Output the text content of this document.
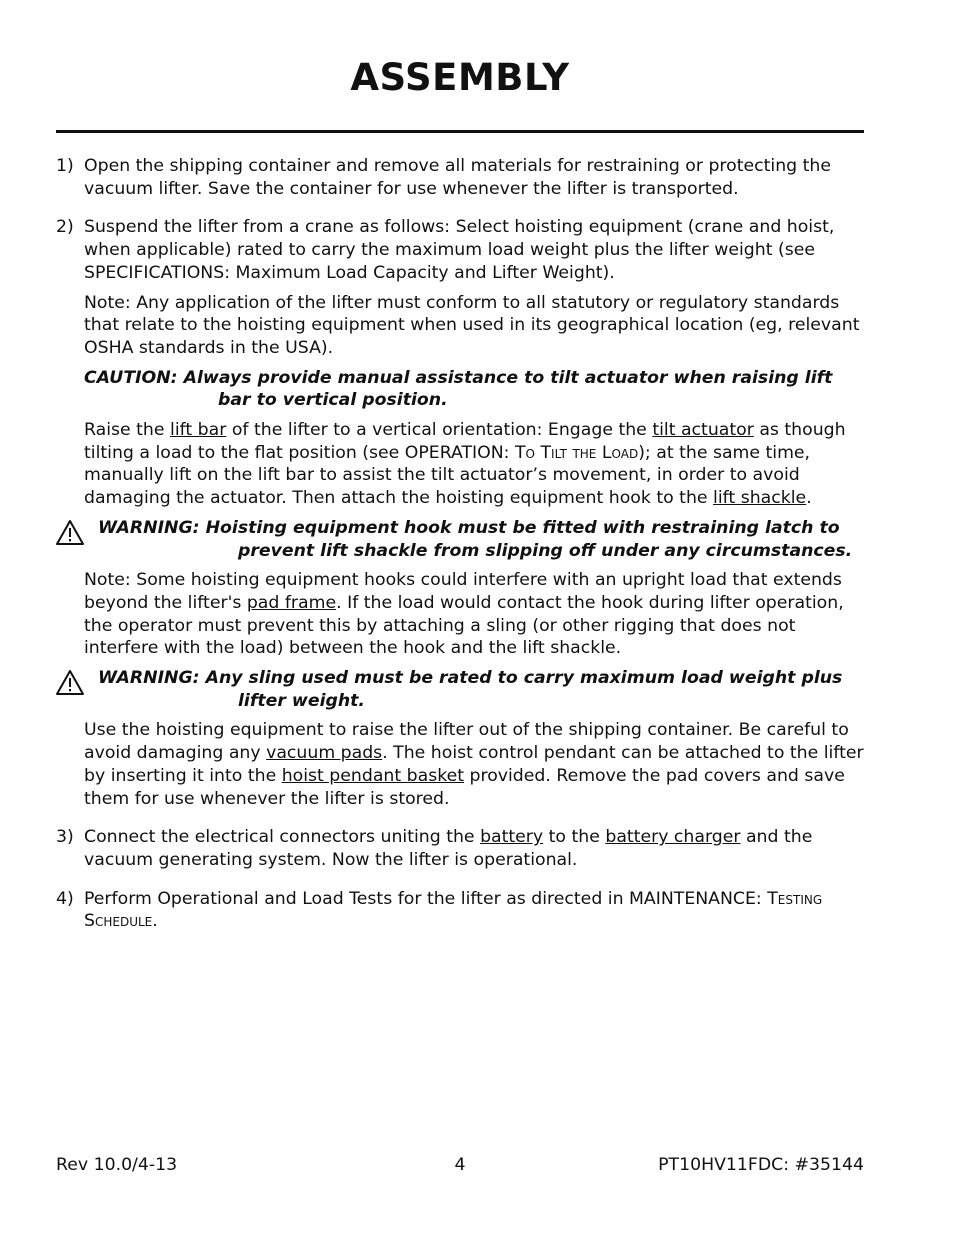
ASSEMBLY
1) Open the shipping container and remove all materials for restraining or protecting the vacuum lifter. Save the container for use whenever the lifter is transported.

2) Suspend the lifter from a crane as follows: Select hoisting equipment (crane and hoist, when applicable) rated to carry the maximum load weight plus the lifter weight (see SPECIFICATIONS: Maximum Load Capacity and Lifter Weight).

Note: Any application of the lifter must conform to all statutory or regulatory standards that relate to the hoisting equipment when used in its geographical location (eg, relevant OSHA standards in the USA).

CAUTION: Always provide manual assistance to tilt actuator when raising lift bar to vertical position.

Raise the lift bar of the lifter to a vertical orientation: Engage the tilt actuator as though tilting a load to the flat position (see OPERATION: To Tilt the Load); at the same time, manually lift on the lift bar to assist the tilt actuator’s movement, in order to avoid damaging the actuator. Then attach the hoisting equipment hook to the lift shackle.

WARNING: Hoisting equipment hook must be fitted with restraining latch to prevent lift shackle from slipping off under any circumstances.

Note: Some hoisting equipment hooks could interfere with an upright load that extends beyond the lifter's pad frame. If the load would contact the hook during lifter operation, the operator must prevent this by attaching a sling (or other rigging that does not interfere with the load) between the hook and the lift shackle.

WARNING: Any sling used must be rated to carry maximum load weight plus lifter weight.

Use the hoisting equipment to raise the lifter out of the shipping container. Be careful to avoid damaging any vacuum pads. The hoist control pendant can be attached to the lifter by inserting it into the hoist pendant basket provided. Remove the pad covers and save them for use whenever the lifter is stored.

3) Connect the electrical connectors uniting the battery to the battery charger and the vacuum generating system. Now the lifter is operational.

4) Perform Operational and Load Tests for the lifter as directed in MAINTENANCE: Testing Schedule.

Rev 10.0/4-13	4	PT10HV11FDC: #35144
